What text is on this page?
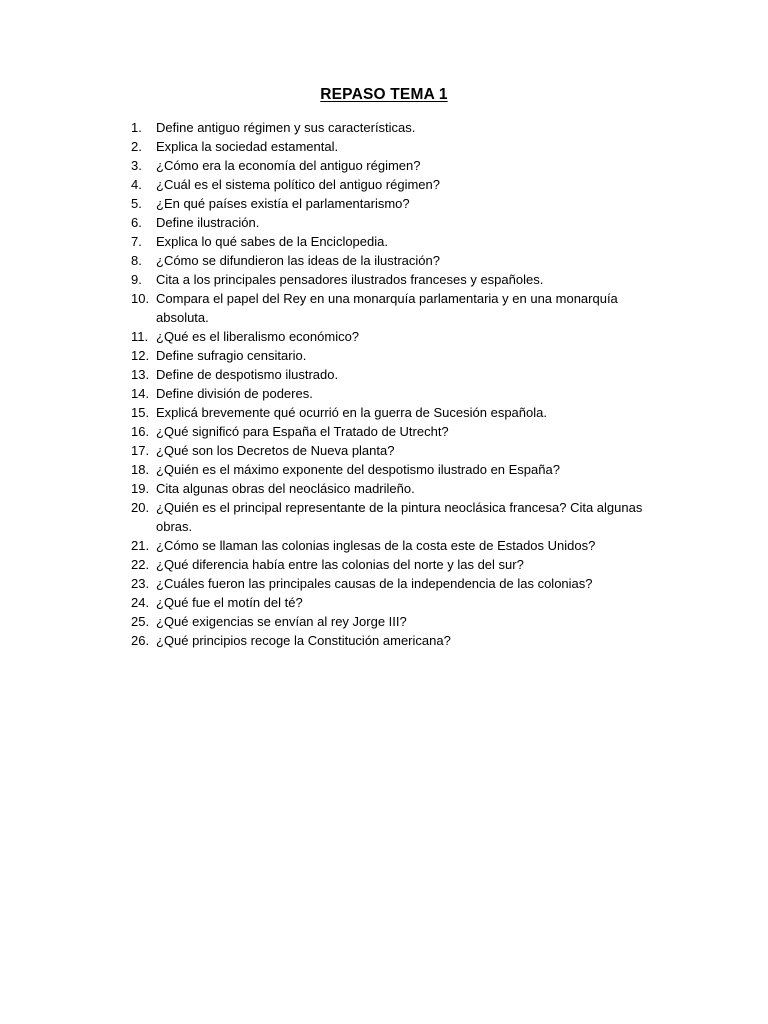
REPASO TEMA 1
1. Define antiguo régimen y sus características.
2. Explica la sociedad estamental.
3. ¿Cómo era la economía del antiguo régimen?
4. ¿Cuál es el sistema político del antiguo régimen?
5. ¿En qué países existía el parlamentarismo?
6. Define ilustración.
7. Explica lo qué sabes de la Enciclopedia.
8. ¿Cómo se difundieron las ideas de la ilustración?
9. Cita a los principales pensadores ilustrados franceses y españoles.
10. Compara el papel del Rey en una monarquía parlamentaria y en una monarquía absoluta.
11. ¿Qué es el liberalismo económico?
12. Define sufragio censitario.
13. Define de despotismo ilustrado.
14. Define división de poderes.
15. Explicá brevemente qué ocurrió en la guerra de Sucesión española.
16. ¿Qué significó para España el Tratado de Utrecht?
17. ¿Qué son los Decretos de Nueva planta?
18. ¿Quién es el máximo exponente del despotismo ilustrado en España?
19. Cita algunas obras del neoclásico madrileño.
20. ¿Quién es el principal representante de la pintura neoclásica francesa? Cita algunas obras.
21. ¿Cómo se llaman las colonias inglesas de la costa este de Estados Unidos?
22. ¿Qué diferencia había entre las colonias del norte y las del sur?
23. ¿Cuáles fueron las principales causas de la independencia de las colonias?
24. ¿Qué fue el motín del té?
25. ¿Qué exigencias se envían al rey Jorge III?
26. ¿Qué principios recoge la Constitución americana?
